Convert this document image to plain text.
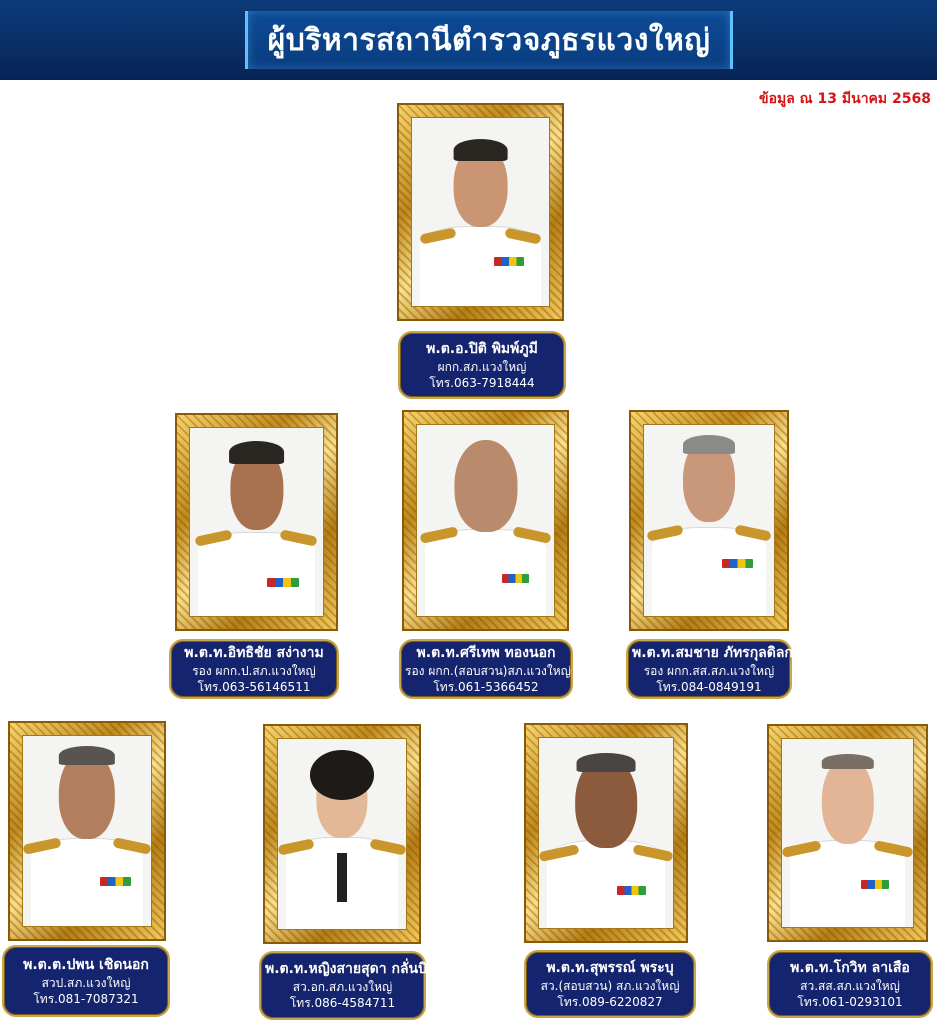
ผู้บริหารสถานีตำรวจภูธรแวงใหญ่
ข้อมูล ณ 13 มีนาคม 2568
พ.ต.อ.ปิติ พิมพ์ภูมี
ผกก.สภ.แวงใหญ่
โทร.063-7918444
พ.ต.ท.อิทธิชัย สง่างาม
รอง ผกก.ป.สภ.แวงใหญ่
โทร.063-56146511
พ.ต.ท.ศรีเทพ ทองนอก
รอง ผกก.(สอบสวน)สภ.แวงใหญ่
โทร.061-5366452
พ.ต.ท.สมชาย ภัทรกุลดิลก
รอง ผกก.สส.สภ.แวงใหญ่
โทร.084-0849191
พ.ต.ต.ปพน เชิดนอก
สวป.สภ.แวงใหญ่
โทร.081-7087321
พ.ต.ท.หญิงสายสุดา กลั่นบิดา
สว.อก.สภ.แวงใหญ่
โทร.086-4584711
พ.ต.ท.สุพรรณ์ พระบุ
สว.(สอบสวน) สภ.แวงใหญ่
โทร.089-6220827
พ.ต.ท.โกวิท ลาเสือ
สว.สส.สภ.แวงใหญ่
โทร.061-0293101
